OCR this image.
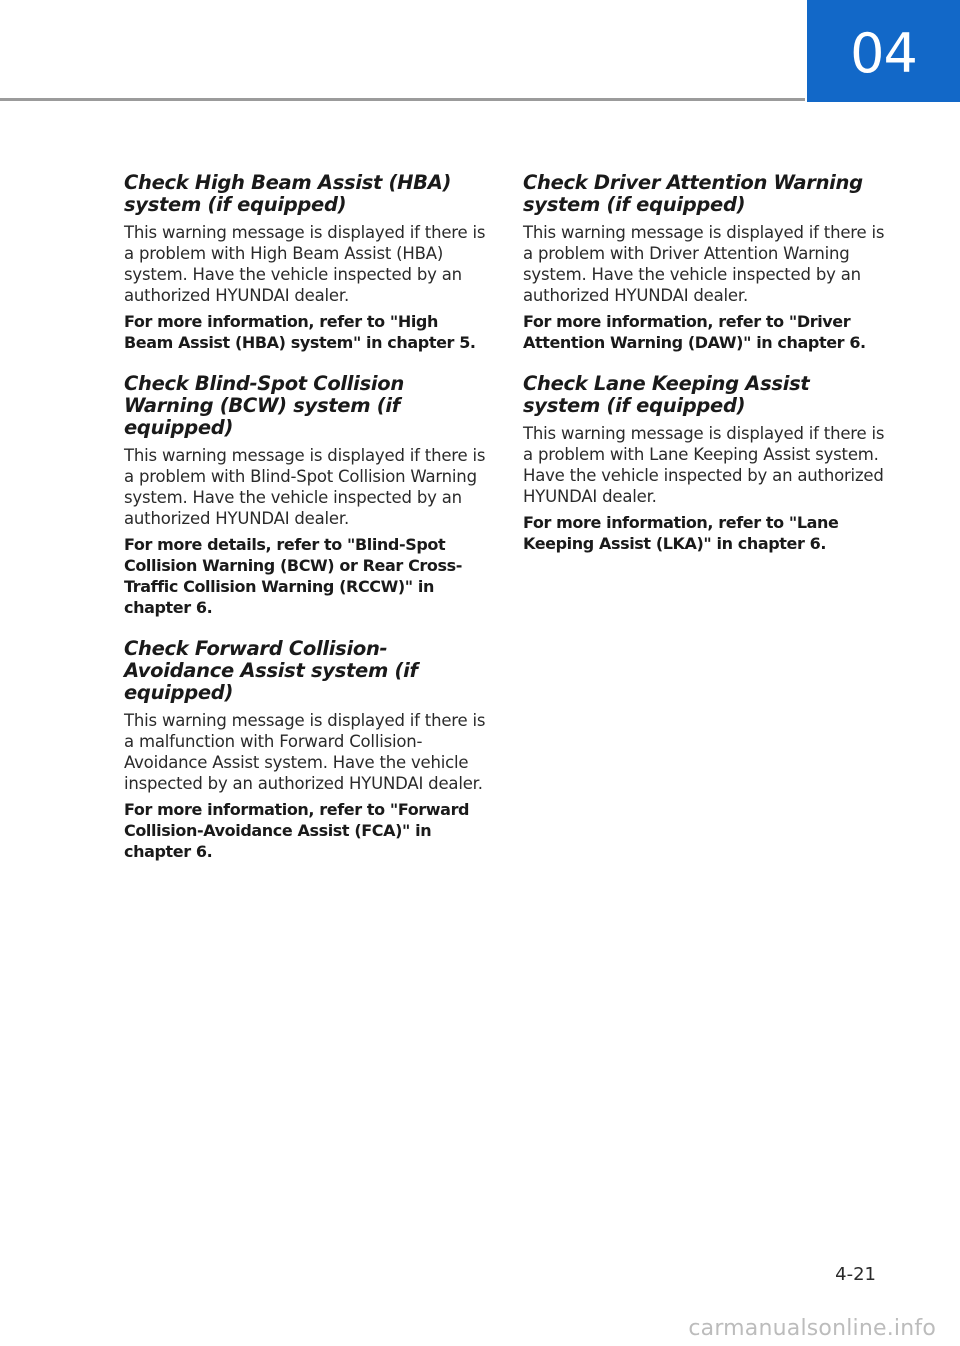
04
Check High Beam Assist (HBA) system (if equipped)

This warning message is displayed if there is a problem with High Beam Assist (HBA) system. Have the vehicle inspected by an authorized HYUNDAI dealer.

For more information, refer to "High Beam Assist (HBA) system" in chapter 5.

Check Blind-Spot Collision Warning (BCW) system (if equipped)

This warning message is displayed if there is a problem with Blind-Spot Collision Warning system. Have the vehicle inspected by an authorized HYUNDAI dealer.

For more details, refer to "Blind-Spot Collision Warning (BCW) or Rear Cross-Traffic Collision Warning (RCCW)" in chapter 6.

Check Forward Collision-Avoidance Assist system (if equipped)

This warning message is displayed if there is a malfunction with Forward Collision-Avoidance Assist system. Have the vehicle inspected by an authorized HYUNDAI dealer.

For more information, refer to "Forward Collision-Avoidance Assist (FCA)" in chapter 6.

Check Driver Attention Warning system (if equipped)

This warning message is displayed if there is a problem with Driver Attention Warning system. Have the vehicle inspected by an authorized HYUNDAI dealer.

For more information, refer to "Driver Attention Warning (DAW)" in chapter 6.

Check Lane Keeping Assist system (if equipped)

This warning message is displayed if there is a problem with Lane Keeping Assist system. Have the vehicle inspected by an authorized HYUNDAI dealer.

For more information, refer to "Lane Keeping Assist (LKA)" in chapter 6.

4-21
carmanualsonline.info
